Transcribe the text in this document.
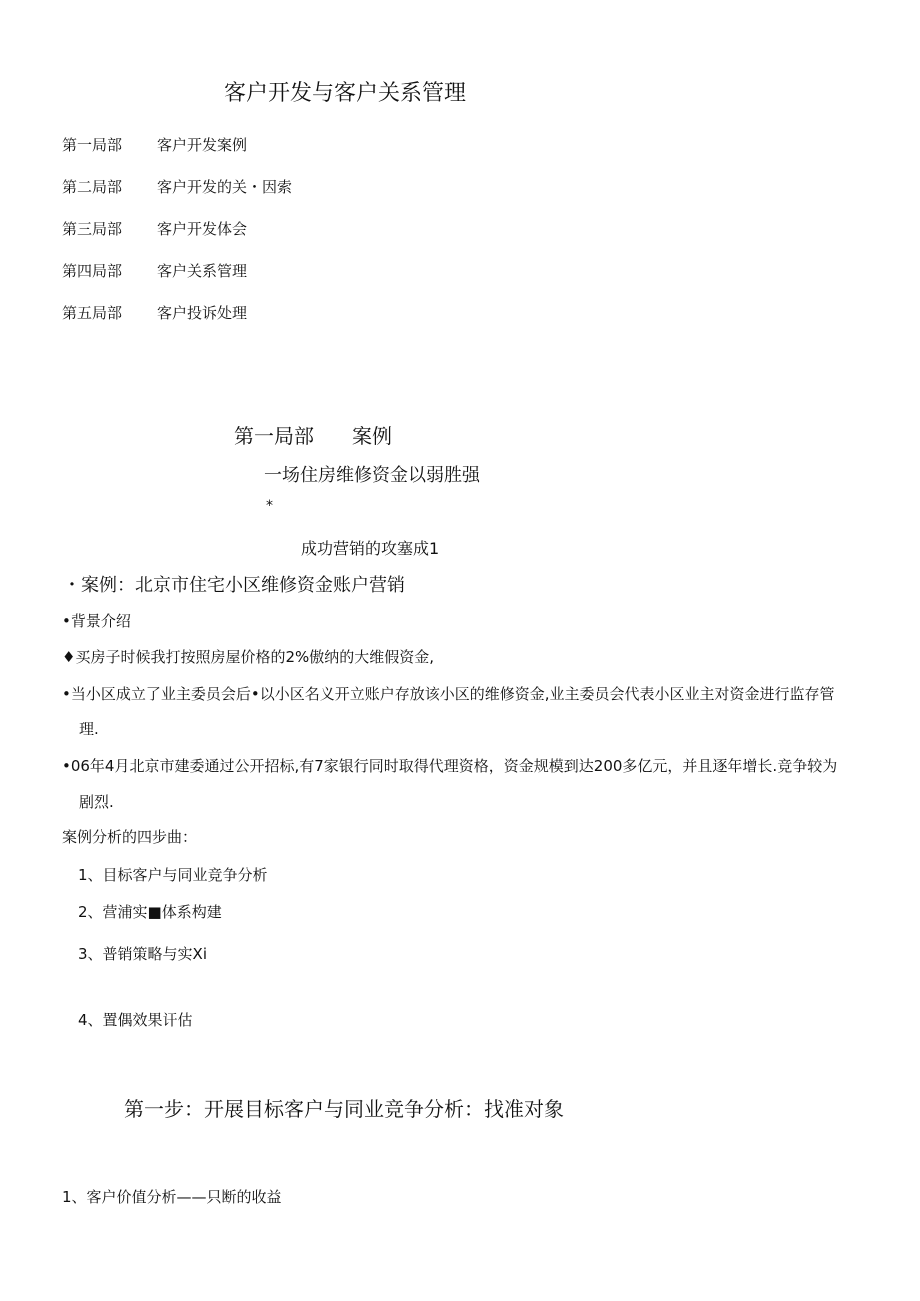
客户开发与客户关系管理
第一局部 客户开发案例
第二局部 客户开发的关・因索
第三局部 客户开发体会
第四局部 客户关系管理
第五局部 客户投诉处理
第一局部 案例
一场住房维修资金以弱胜强
*
成功营销的攻塞成1
・案例：北京市住宅小区维修资金账户营销
•背景介绍
♦买房子时候我打按照房屋价格的2%傲纳的大维假资金,
•当小区成立了业主委员会后•以小区名义开立账户存放该小区的维修资金,业主委员会代表小区业主对资金进行监存管
理.
•06年4月北京市建委通过公开招标,有7家银行同时取得代理资格，资金规模到达200多亿元，并且逐年增长.竞争较为
剧烈.
案例分析的四步曲：
1、目标客户与同业竞争分析
2、营浦实■体系构建
3、普销策略与实Xi
4、置偶效果讦估
第一步：开展目标客户与同业竞争分析：找准对象
1、客户价值分析——只断的收益
